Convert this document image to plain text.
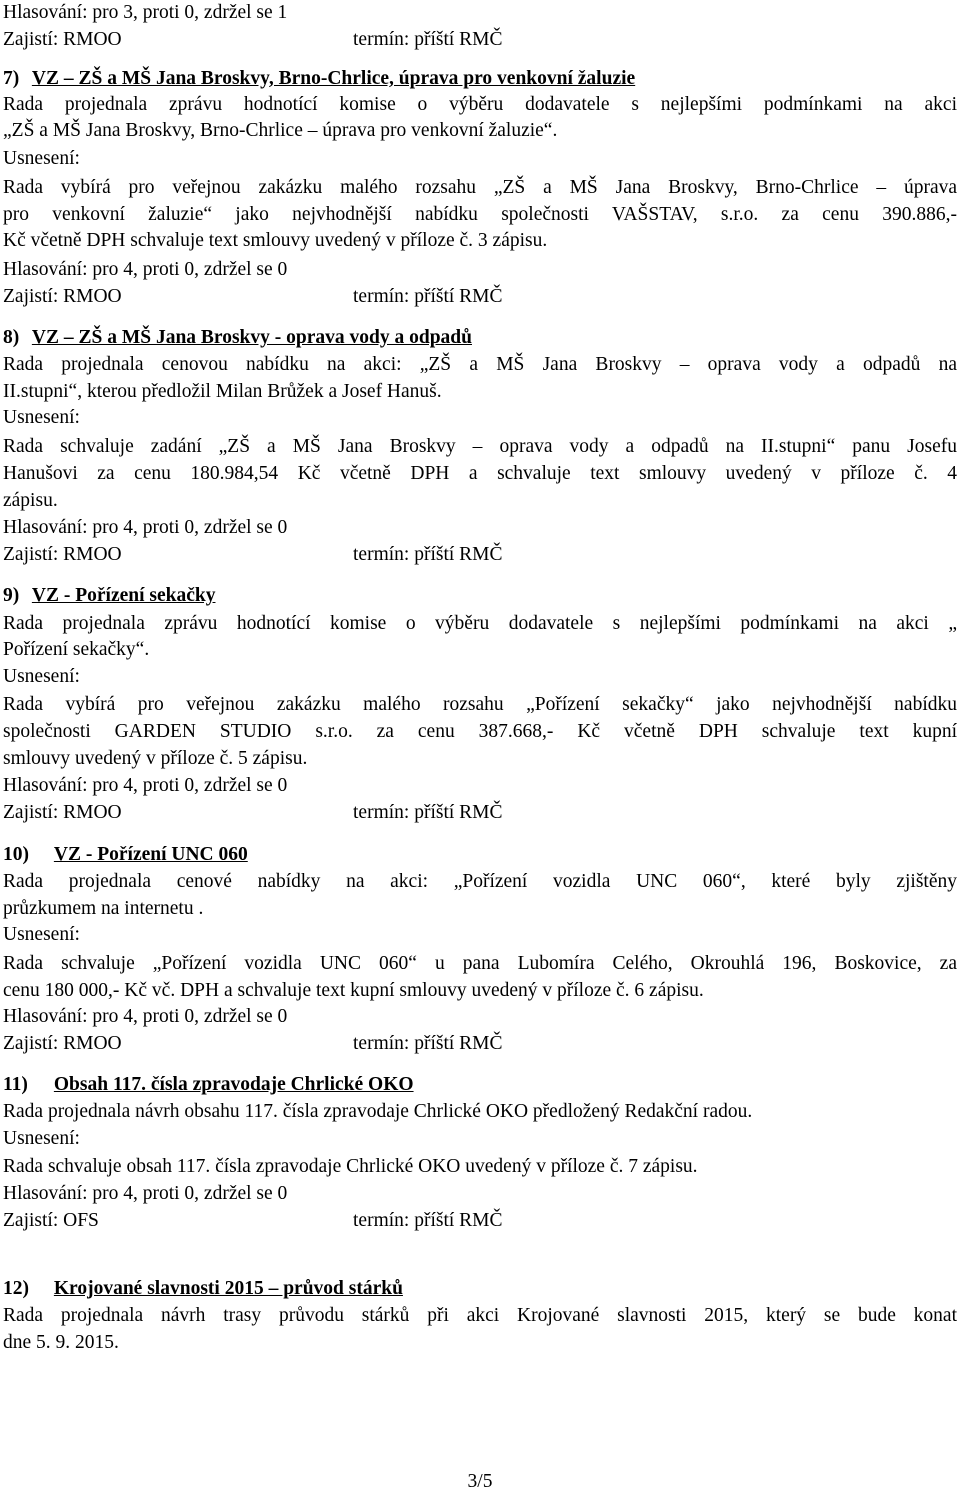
Hlasování: pro 3, proti 0, zdržel se 1
Zajistí: RMOO	termín: příští RMČ
7) VZ – ZŠ a MŠ Jana Broskvy, Brno-Chrlice, úprava pro venkovní žaluzie
Rada projednala zprávu hodnotící komise o výběru dodavatele s nejlepšími podmínkami na akci
„ZŠ a MŠ Jana Broskvy, Brno-Chrlice – úprava pro venkovní žaluzie“.
Usnesení:
Rada vybírá pro veřejnou zakázku malého rozsahu „ZŠ a MŠ Jana Broskvy, Brno-Chrlice – úprava
pro venkovní žaluzie“ jako nejvhodnější nabídku společnosti VAŠSTAV, s.r.o. za cenu 390.886,-
Kč včetně DPH schvaluje text smlouvy uvedený v příloze č. 3 zápisu.
Hlasování: pro 4, proti 0, zdržel se 0
Zajistí: RMOO	termín: příští RMČ
8) VZ – ZŠ a MŠ Jana Broskvy - oprava vody a odpadů
Rada projednala cenovou nabídku na akci: „ZŠ a MŠ Jana Broskvy – oprava vody a odpadů na
II.stupni“, kterou předložil Milan Brůžek a Josef Hanuš.
Usnesení:
Rada schvaluje zadání „ZŠ a MŠ Jana Broskvy – oprava vody a odpadů na II.stupni“ panu Josefu
Hanušovi za cenu 180.984,54 Kč včetně DPH a schvaluje text smlouvy uvedený v příloze č. 4
zápisu.
Hlasování: pro 4, proti 0, zdržel se 0
Zajistí: RMOO	termín: příští RMČ
9) VZ - Pořízení sekačky
Rada projednala zprávu hodnotící komise o výběru dodavatele s nejlepšími podmínkami na akci „
Pořízení sekačky“.
Usnesení:
Rada vybírá pro veřejnou zakázku malého rozsahu „Pořízení sekačky“ jako nejvhodnější nabídku
společnosti GARDEN STUDIO s.r.o. za cenu 387.668,- Kč včetně DPH schvaluje text kupní
smlouvy uvedený v příloze č. 5 zápisu.
Hlasování: pro 4, proti 0, zdržel se 0
Zajistí: RMOO	termín: příští RMČ
10) VZ - Pořízení UNC 060
Rada projednala cenové nabídky na akci: „Pořízení vozidla UNC 060“, které byly zjištěny
průzkumem na internetu .
Usnesení:
Rada schvaluje „Pořízení vozidla UNC 060“ u pana Lubomíra Celého, Okrouhlá 196, Boskovice, za
cenu 180 000,- Kč vč. DPH a schvaluje text kupní smlouvy uvedený v příloze č. 6 zápisu.
Hlasování: pro 4, proti 0, zdržel se 0
Zajistí: RMOO	termín: příští RMČ
11) Obsah 117. čísla zpravodaje Chrlické OKO
Rada projednala návrh obsahu 117. čísla zpravodaje Chrlické OKO předložený Redakční radou.
Usnesení:
Rada schvaluje obsah 117. čísla zpravodaje Chrlické OKO uvedený v příloze č. 7 zápisu.
Hlasování: pro 4, proti 0, zdržel se 0
Zajistí: OFS	termín: příští RMČ
12) Krojované slavnosti 2015 – průvod stárků
Rada projednala návrh trasy průvodu stárků při akci Krojované slavnosti 2015, který se bude konat
dne 5. 9. 2015.
3/5
